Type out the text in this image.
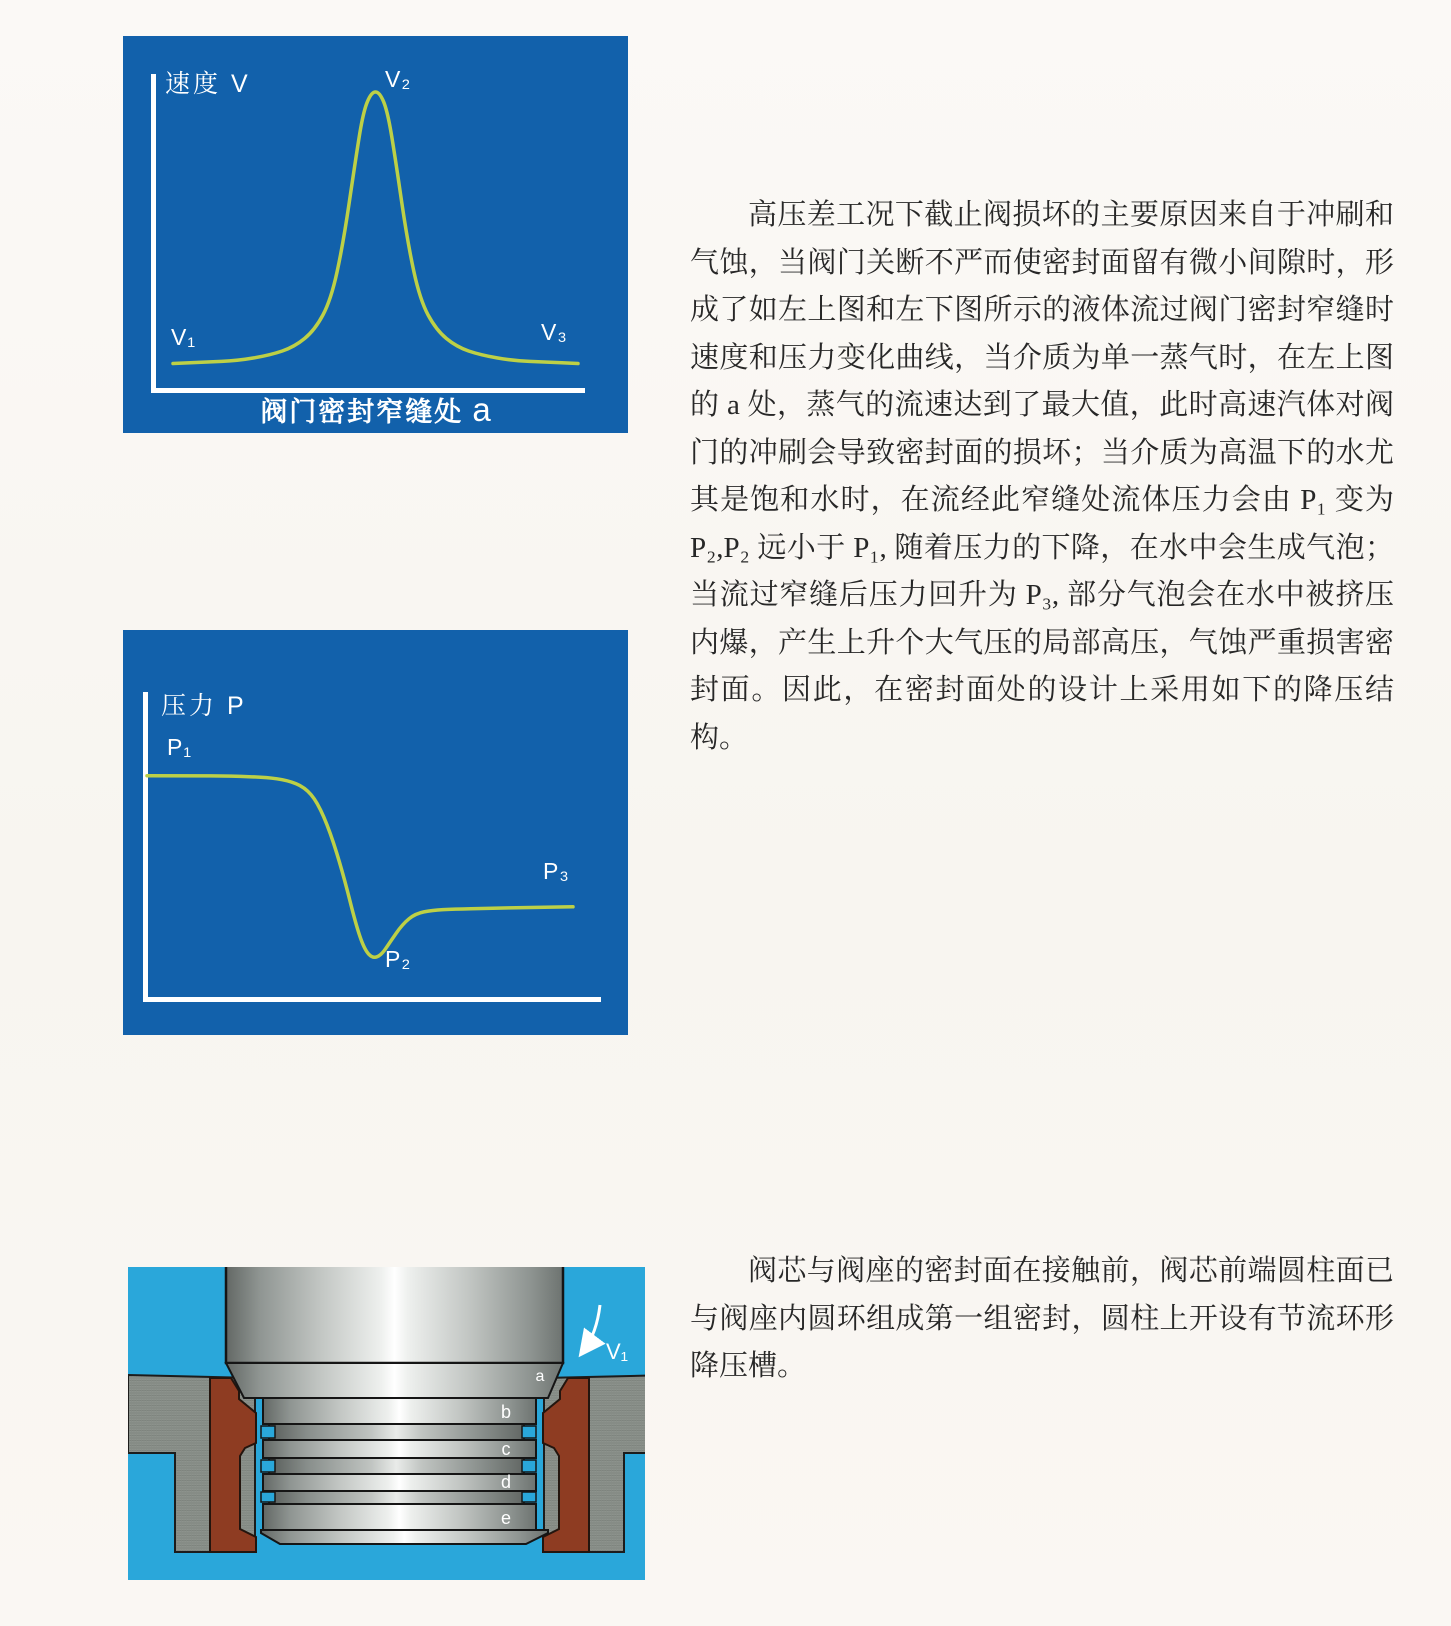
速度 V	V₂
V₁	V₃
阀门密封窄缝处 a
压力 P
P₁
P₂
P₃
V₁
a
b
c
d
e

高压差工况下截止阀损坏的主要原因来自于冲刷和气蚀，当阀门关断不严而使密封面留有微小间隙时，形成了如左上图和左下图所示的液体流过阀门密封窄缝时速度和压力变化曲线，当介质为单一蒸气时，在左上图的 a 处，蒸气的流速达到了最大值，此时高速汽体对阀门的冲刷会导致密封面的损坏；当介质为高温下的水尤其是饱和水时，在流经此窄缝处流体压力会由 P₁ 变为 P₂,P₂ 远小于 P₁, 随着压力的下降，在水中会生成气泡；当流过窄缝后压力回升为 P₃, 部分气泡会在水中被挤压内爆，产生上升个大气压的局部高压，气蚀严重损害密封面。因此，在密封面处的设计上采用如下的降压结构。

阀芯与阀座的密封面在接触前，阀芯前端圆柱面已与阀座内圆环组成第一组密封，圆柱上开设有节流环形降压槽。
